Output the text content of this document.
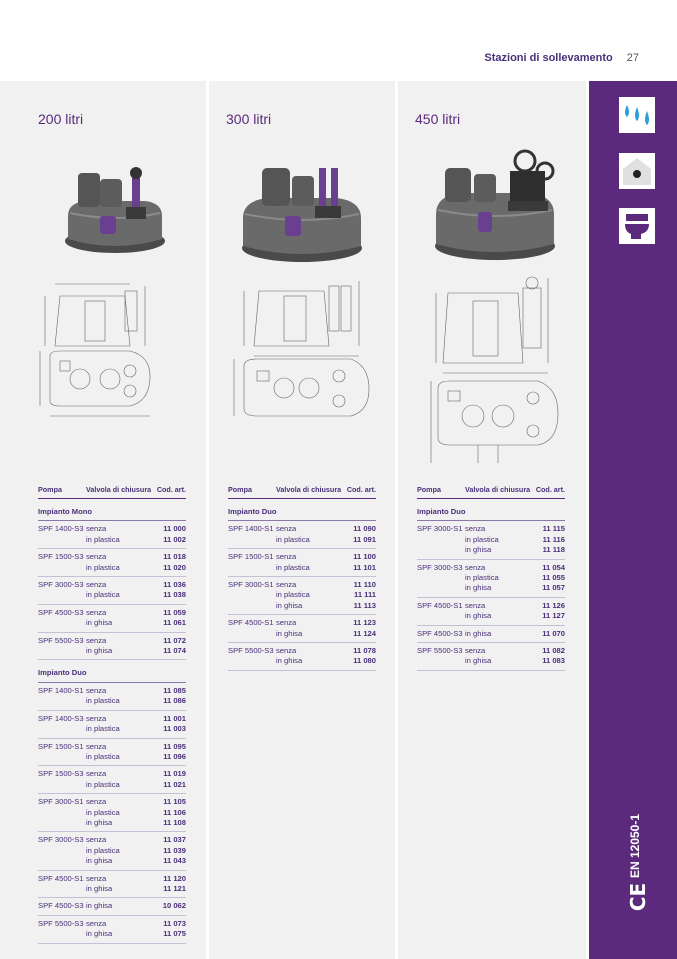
Stazioni di sollevamento 27
200 litri
Pompa	Valvola di chiusura	Cod. art.
Impianto Mono		
SPF 1400-S3	senza	11 000
	in plastica	11 002
SPF 1500-S3	senza	11 018
	in plastica	11 020
SPF 3000-S3	senza	11 036
	in plastica	11 038
SPF 4500-S3	senza	11 059
	in ghisa	11 061
SPF 5500-S3	senza	11 072
	in ghisa	11 074
Impianto Duo		
SPF 1400-S1	senza	11 085
	in plastica	11 086
SPF 1400-S3	senza	11 001
	in plastica	11 003
SPF 1500-S1	senza	11 095
	in plastica	11 096
SPF 1500-S3	senza	11 019
	in plastica	11 021
SPF 3000-S1	senza	11 105
	in plastica	11 106
	in ghisa	11 108
SPF 3000-S3	senza	11 037
	in plastica	11 039
	in ghisa	11 043
SPF 4500-S1	senza	11 120
	in ghisa	11 121
SPF 4500-S3	in ghisa	10 062
SPF 5500-S3	senza	11 073
	in ghisa	11 075
300 litri
Pompa	Valvola di chiusura	Cod. art.
Impianto Duo		
SPF 1400-S1	senza	11 090
	in plastica	11 091
SPF 1500-S1	senza	11 100
	in plastica	11 101
SPF 3000-S1	senza	11 110
	in plastica	11 111
	in ghisa	11 113
SPF 4500-S1	senza	11 123
	in ghisa	11 124
SPF 5500-S3	senza	11 078
	in ghisa	11 080
450 litri
Pompa	Valvola di chiusura	Cod. art.
Impianto Duo		
SPF 3000-S1	senza	11 115
	in plastica	11 116
	in ghisa	11 118
SPF 3000-S3	senza	11 054
	in plastica	11 055
	in ghisa	11 057
SPF 4500-S1	senza	11 126
	in ghisa	11 127
SPF 4500-S3	in ghisa	11 070
SPF 5500-S3	senza	11 082
	in ghisa	11 083
EN 12050-1
CE
